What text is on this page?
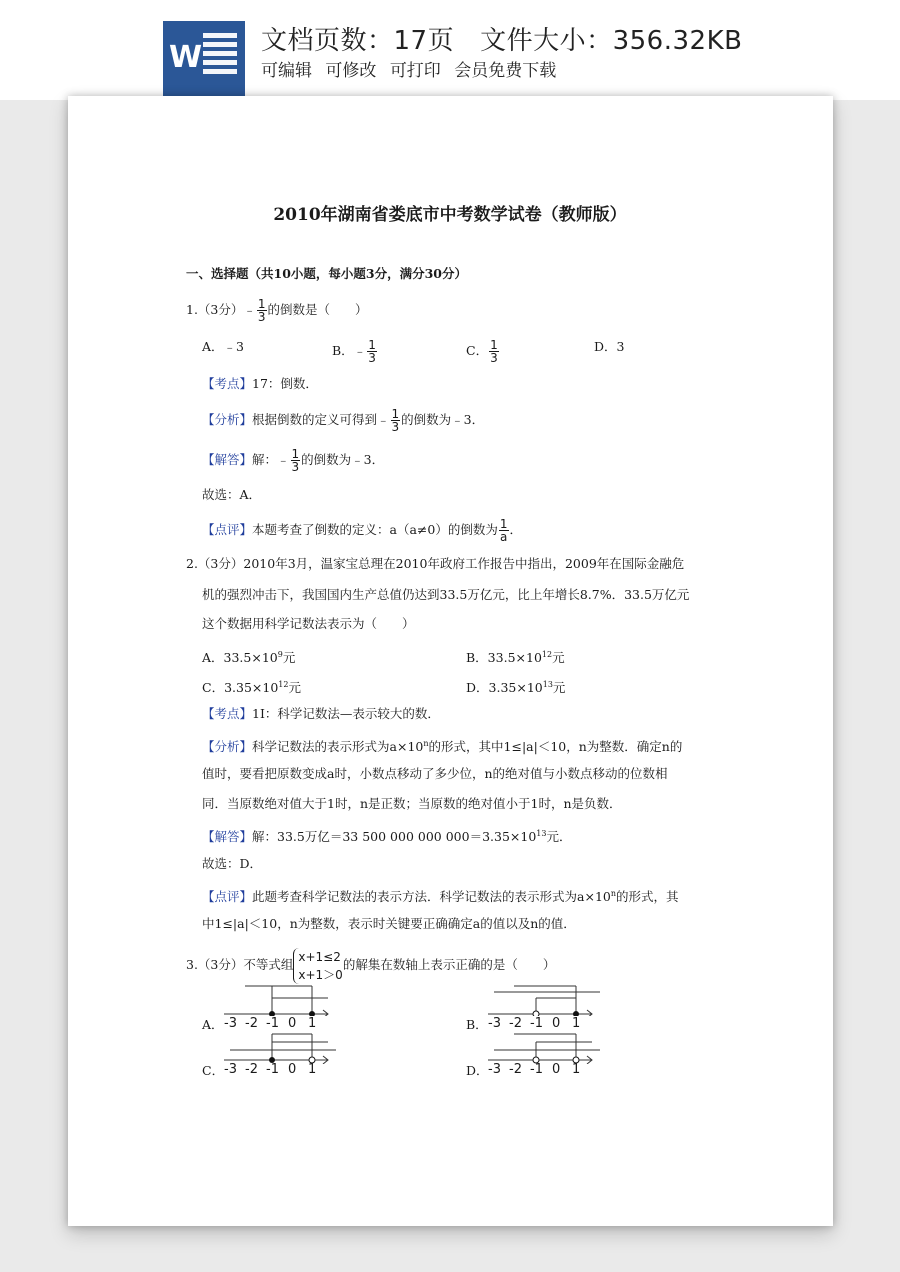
W 文档页数：17页 文件大小：356.32KB
可编辑 可修改 可打印 会员免费下载
2010年湖南省娄底市中考数学试卷（教师版）
一、选择题（共10小题，每小题3分，满分30分）
1.（3分）﹣ $\frac{1}{3}$ 的倒数是（　　）
A．﹣3	B．﹣ $\frac{1}{3}$	C． $\frac{1}{3}$	D．3
【考点】17：倒数．
【分析】根据倒数的定义可得到﹣ $\frac{1}{3}$ 的倒数为﹣3．
【解答】解：﹣ $\frac{1}{3}$ 的倒数为﹣3．
故选：A．
【点评】本题考查了倒数的定义：a（a≠0）的倒数为 $\frac{1}{a}$ ．
2.（3分）2010年3月，温家宝总理在2010年政府工作报告中指出，2009年在国际金融危
机的强烈冲击下，我国国内生产总值仍达到33.5万亿元，比上年增长8.7%．33.5万亿元
这个数据用科学记数法表示为（　　）
A．$33.5\times 10^9$元	B．$33.5\times 10^{12}$元
C．$3.35\times 10^{12}$元	D．$3.35\times 10^{13}$元
【考点】1I：科学记数法—表示较大的数．
【分析】科学记数法的表示形式为$a\times 10^n$的形式，其中1≤|a|＜10，n为整数．确定n的
值时，要看把原数变成a时，小数点移动了多少位，n的绝对值与小数点移动的位数相
同．当原数绝对值大于1时，n是正数；当原数的绝对值小于1时，n是负数．
【解答】解：33.5万亿＝33 500 000 000 $000=3.35\times 10^{13}$元．
故选：D．
【点评】此题考查科学记数法的表示方法．科学记数法的表示形式为$a\times 10^n$的形式，其
中1≤|a|＜10，n为整数，表示时关键要正确确定a的值以及n的值．
3.（3分）不等式组
x+1≤2
x+1＞0
的解集在数轴上表示正确的是（　　）
A．	B．
C．	D．
-3 -2 -1 0 1	-3 -2 -1 0 1
-3 -2 -1 0 1	-3 -2 -1 0 1
